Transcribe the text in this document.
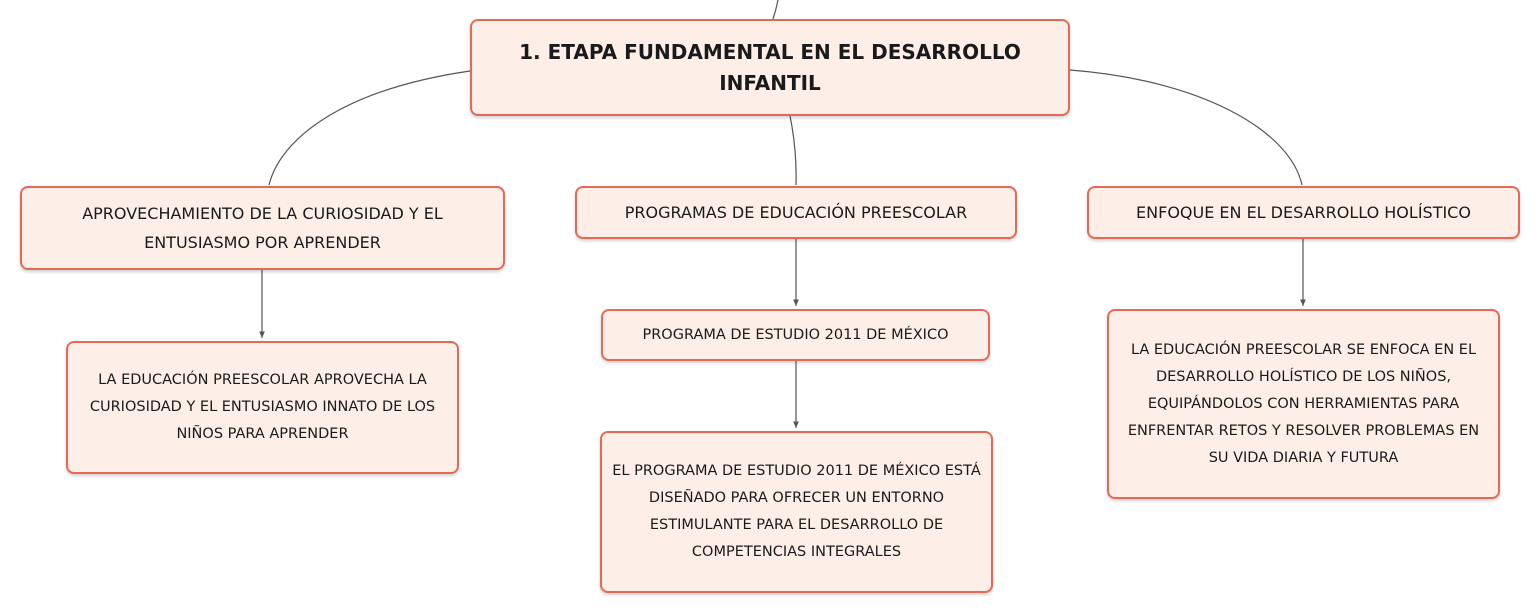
1. ETAPA FUNDAMENTAL EN EL DESARROLLO INFANTIL
APROVECHAMIENTO DE LA CURIOSIDAD Y EL ENTUSIASMO POR APRENDER
PROGRAMAS DE EDUCACIÓN PREESCOLAR	ENFOQUE EN EL DESARROLLO HOLÍSTICO
LA EDUCACIÓN PREESCOLAR APROVECHA LA CURIOSIDAD Y EL ENTUSIASMO INNATO DE LOS NIÑOS PARA APRENDER
PROGRAMA DE ESTUDIO 2011 DE MÉXICO
EL PROGRAMA DE ESTUDIO 2011 DE MÉXICO ESTÁ DISEÑADO PARA OFRECER UN ENTORNO ESTIMULANTE PARA EL DESARROLLO DE COMPETENCIAS INTEGRALES
LA EDUCACIÓN PREESCOLAR SE ENFOCA EN EL DESARROLLO HOLÍSTICO DE LOS NIÑOS, EQUIPÁNDOLOS CON HERRAMIENTAS PARA ENFRENTAR RETOS Y RESOLVER PROBLEMAS EN SU VIDA DIARIA Y FUTURA
